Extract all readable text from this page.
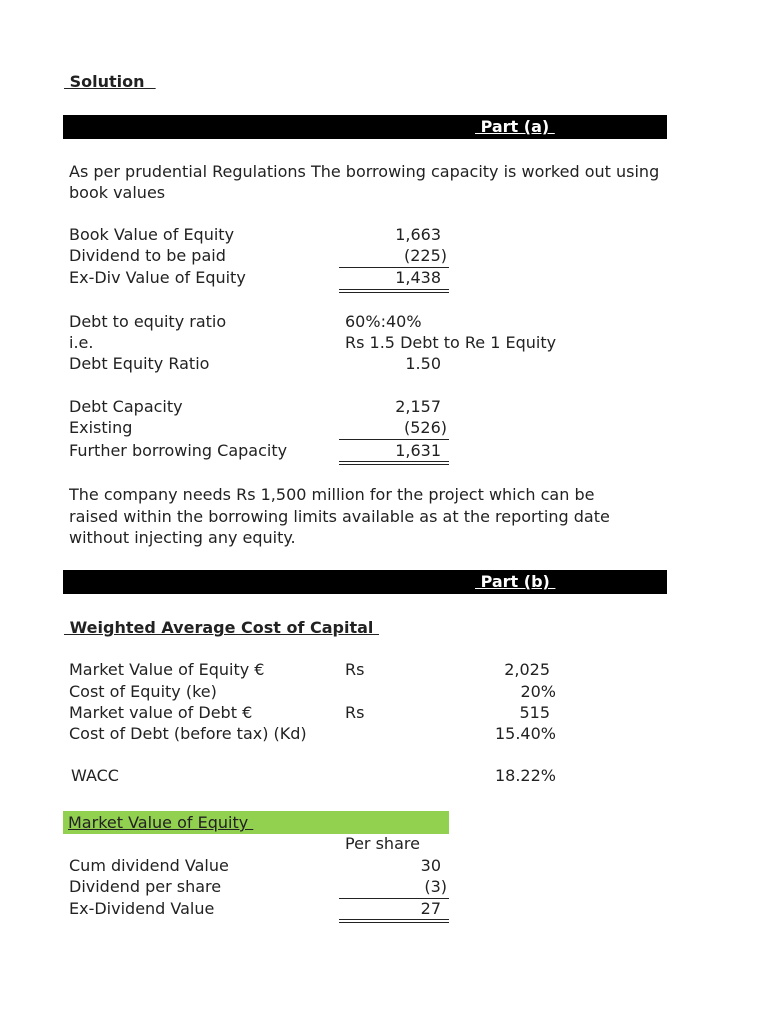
Solution
Part (a)
As per prudential Regulations The borrowing capacity is worked out using
book values
Book Value of Equity	1,663
Dividend to be paid	(225)
Ex-Div Value of Equity	1,438
Debt to equity ratio	60%:40%
i.e.	Rs 1.5 Debt to Re 1 Equity
Debt Equity Ratio	1.50
Debt Capacity	2,157
Existing	(526)
Further borrowing Capacity	1,631
The company needs Rs 1,500 million for the project which can be
raised within the borrowing limits available as at the reporting date
without injecting any equity.
Part (b)
Weighted Average Cost of Capital
Market Value of Equity €	Rs	2,025
Cost of Equity (ke)	20%
Market value of Debt €	Rs	515
Cost of Debt (before tax) (Kd)	15.40%
WACC	18.22%
Market Value of Equity
Per share
Cum dividend Value	30
Dividend per share	(3)
Ex-Dividend Value	27
